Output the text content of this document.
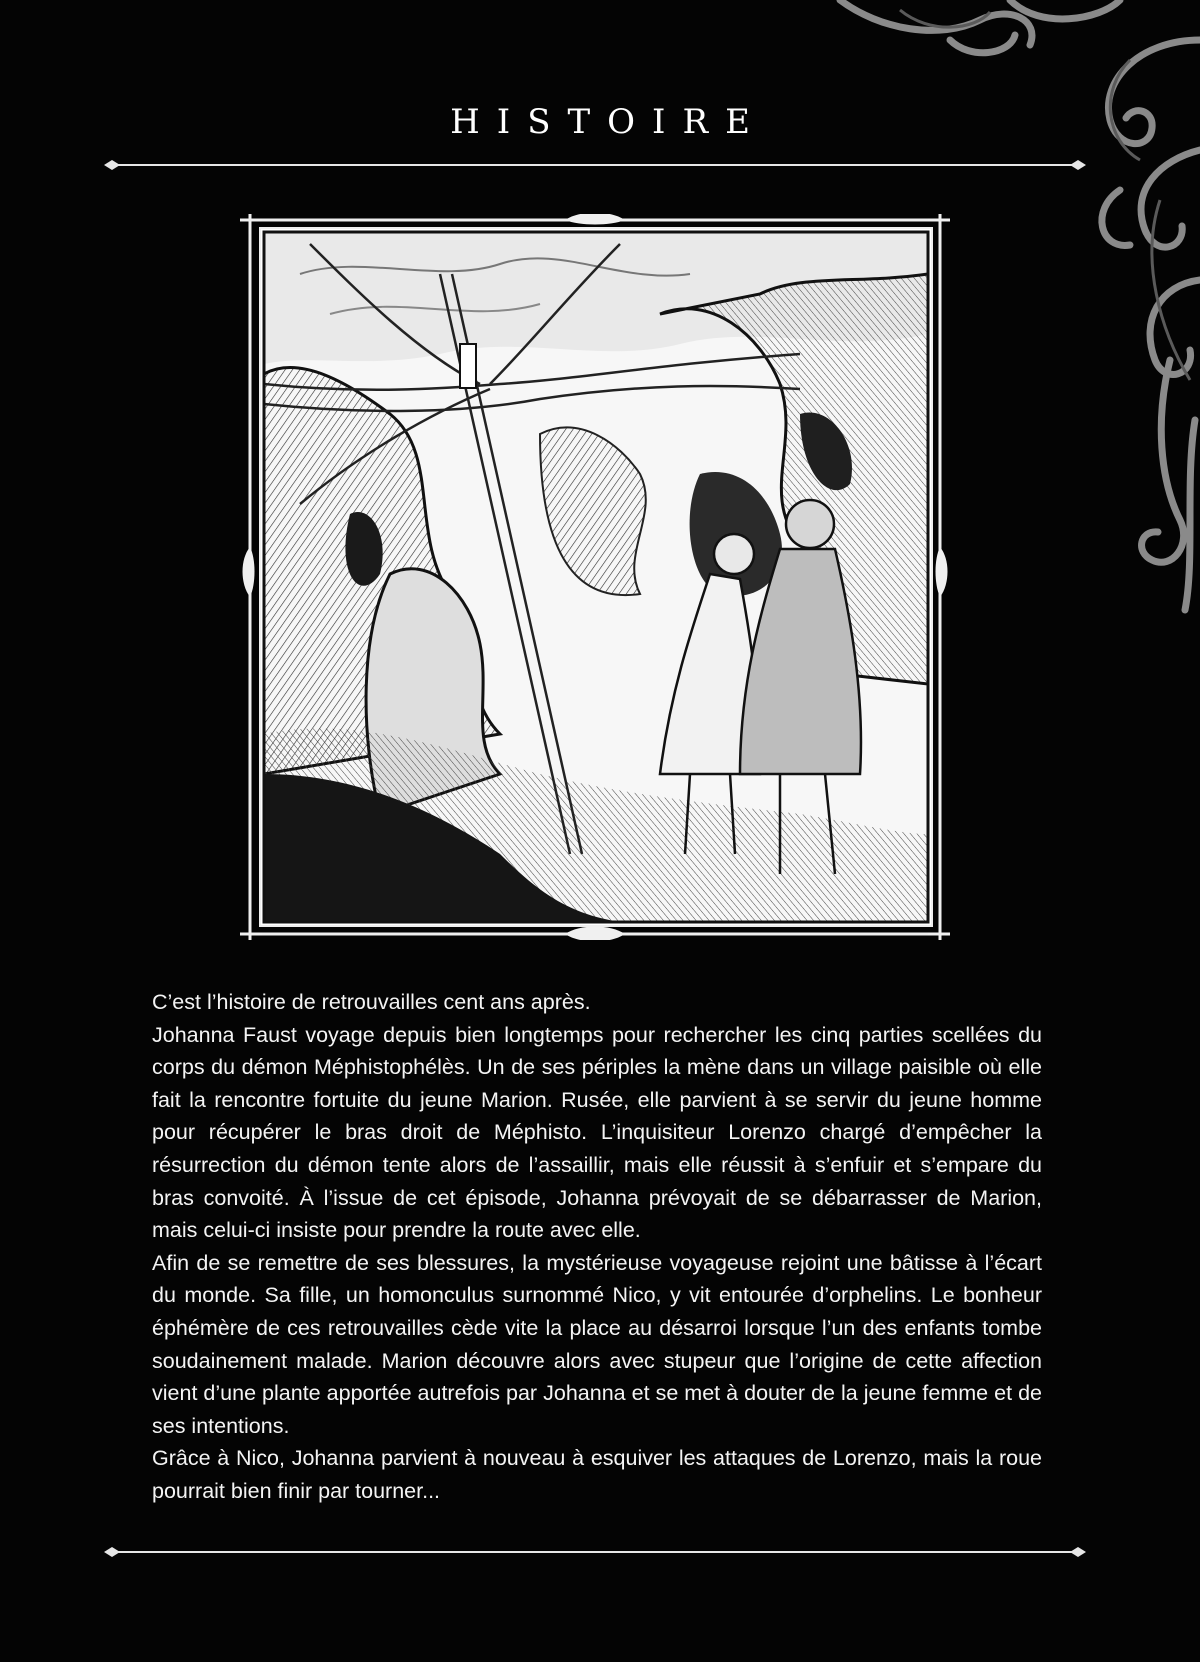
HISTOIRE

C’est l’histoire de retrouvailles cent ans après.

Johanna Faust voyage depuis bien longtemps pour rechercher les cinq parties scellées du corps du démon Méphistophélès. Un de ses périples la mène dans un village paisible où elle fait la rencontre fortuite du jeune Marion. Rusée, elle parvient à se servir du jeune homme pour récupérer le bras droit de Méphisto. L’inquisiteur Lorenzo chargé d’empêcher la résurrection du démon tente alors de l’assaillir, mais elle réussit à s’enfuir et s’empare du bras convoité. À l’issue de cet épisode, Johanna prévoyait de se débarrasser de Marion, mais celui-ci insiste pour prendre la route avec elle.

Afin de se remettre de ses blessures, la mystérieuse voyageuse rejoint une bâtisse à l’écart du monde. Sa fille, un homonculus surnommé Nico, y vit entourée d’orphelins. Le bonheur éphémère de ces retrouvailles cède vite la place au désarroi lorsque l’un des enfants tombe soudainement malade. Marion découvre alors avec stupeur que l’origine de cette affection vient d’une plante apportée autrefois par Johanna et se met à douter de la jeune femme et de ses intentions.

Grâce à Nico, Johanna parvient à nouveau à esquiver les attaques de Lorenzo, mais la roue pourrait bien finir par tourner...
